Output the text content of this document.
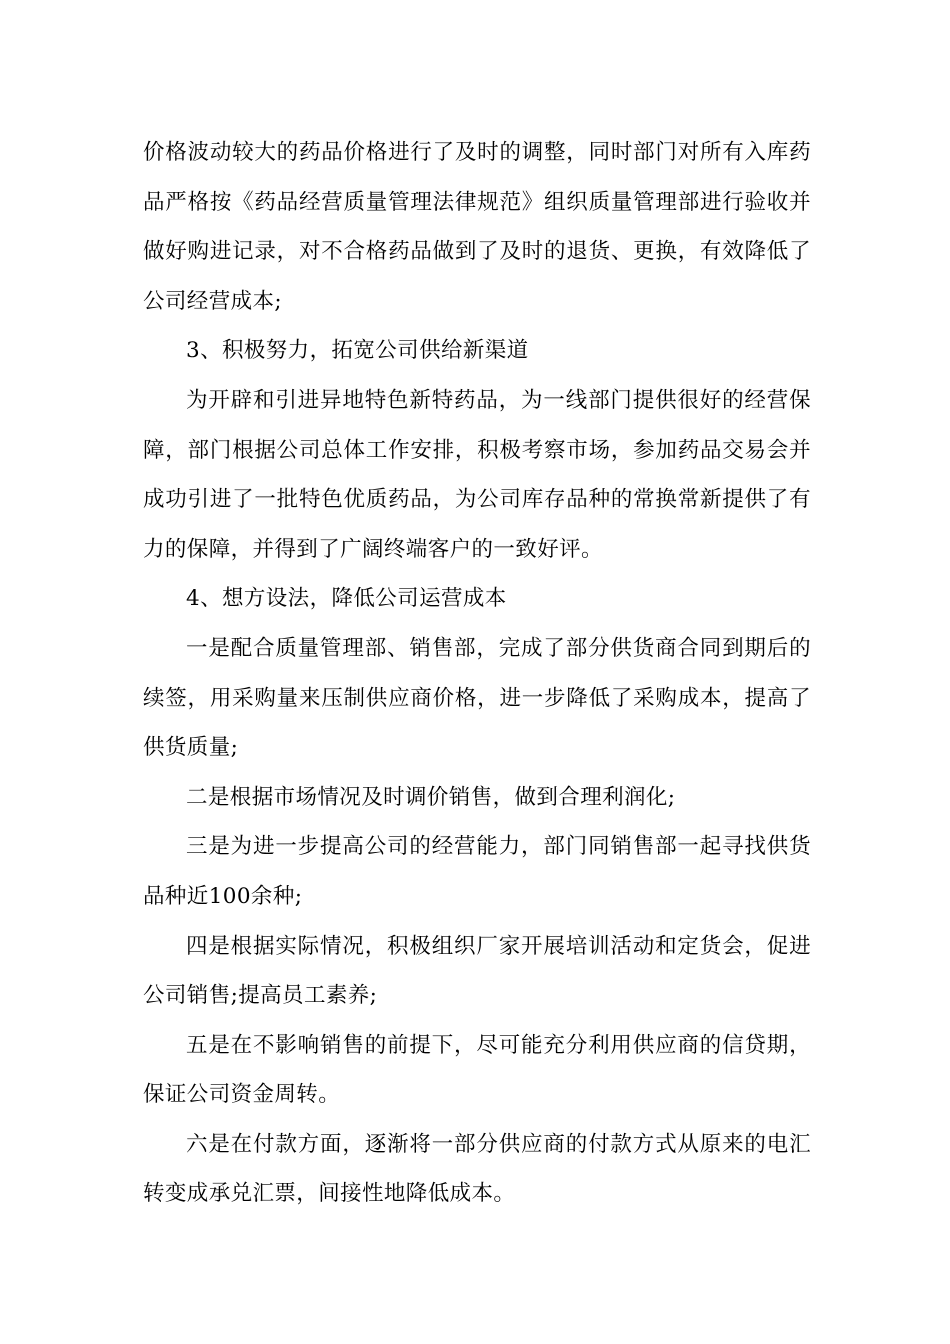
价格波动较大的药品价格进行了及时的调整，同时部门对所有入库药品严格按《药品经营质量管理法律规范》组织质量管理部进行验收并做好购进记录，对不合格药品做到了及时的退货、更换，有效降低了公司经营成本;

3、积极努力，拓宽公司供给新渠道

为开辟和引进异地特色新特药品，为一线部门提供很好的经营保障，部门根据公司总体工作安排，积极考察市场，参加药品交易会并成功引进了一批特色优质药品，为公司库存品种的常换常新提供了有力的保障，并得到了广阔终端客户的一致好评。

4、想方设法，降低公司运营成本

一是配合质量管理部、销售部，完成了部分供货商合同到期后的续签，用采购量来压制供应商价格，进一步降低了采购成本，提高了供货质量;

二是根据市场情况及时调价销售，做到合理利润化;

三是为进一步提高公司的经营能力，部门同销售部一起寻找供货品种近100余种;

四是根据实际情况，积极组织厂家开展培训活动和定货会，促进公司销售;提高员工素养;

五是在不影响销售的前提下，尽可能充分利用供应商的信贷期，保证公司资金周转。

六是在付款方面，逐渐将一部分供应商的付款方式从原来的电汇转变成承兑汇票，间接性地降低成本。
